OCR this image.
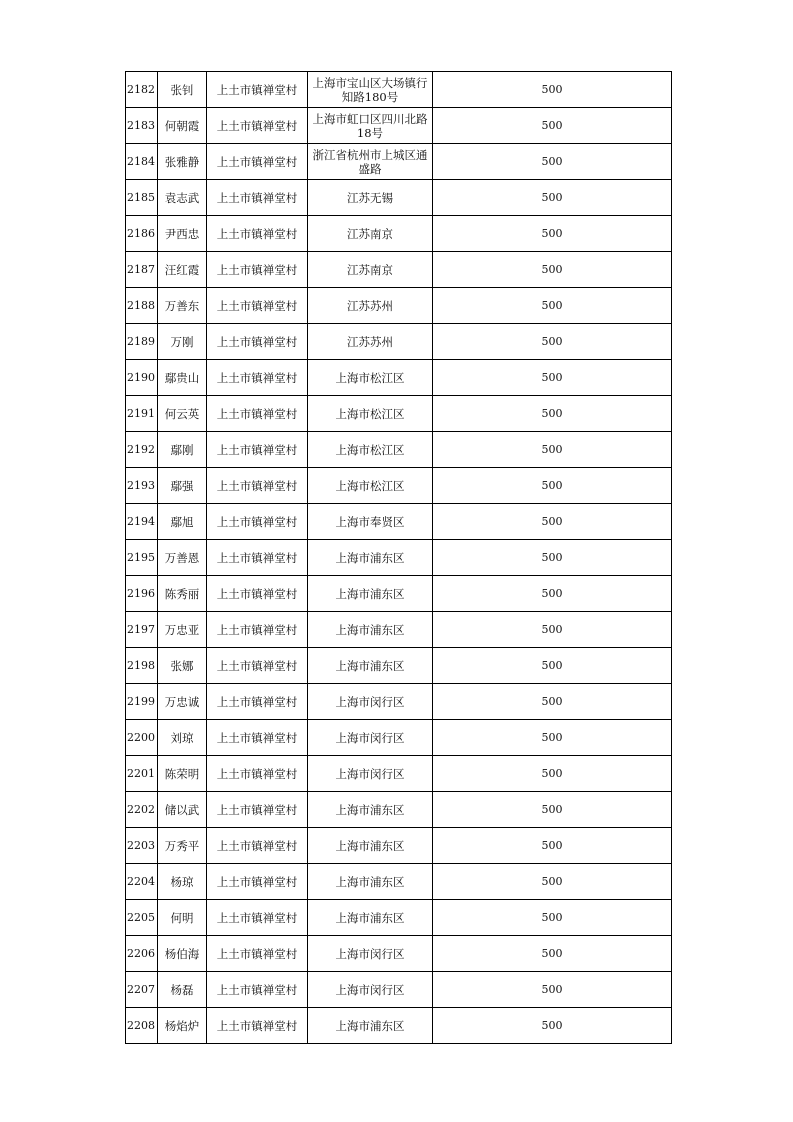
2182	张钊	上土市镇禅堂村	上海市宝山区大场镇行知路180号	500
2183	何朝霞	上土市镇禅堂村	上海市虹口区四川北路18号	500
2184	张雅静	上土市镇禅堂村	浙江省杭州市上城区通盛路	500
2185	袁志武	上土市镇禅堂村	江苏无锡	500
2186	尹西忠	上土市镇禅堂村	江苏南京	500
2187	汪红霞	上土市镇禅堂村	江苏南京	500
2188	万善东	上土市镇禅堂村	江苏苏州	500
2189	万刚	上土市镇禅堂村	江苏苏州	500
2190	鄢贵山	上土市镇禅堂村	上海市松江区	500
2191	何云英	上土市镇禅堂村	上海市松江区	500
2192	鄢刚	上土市镇禅堂村	上海市松江区	500
2193	鄢强	上土市镇禅堂村	上海市松江区	500
2194	鄢旭	上土市镇禅堂村	上海市奉贤区	500
2195	万善恩	上土市镇禅堂村	上海市浦东区	500
2196	陈秀丽	上土市镇禅堂村	上海市浦东区	500
2197	万忠亚	上土市镇禅堂村	上海市浦东区	500
2198	张娜	上土市镇禅堂村	上海市浦东区	500
2199	万忠诚	上土市镇禅堂村	上海市闵行区	500
2200	刘琼	上土市镇禅堂村	上海市闵行区	500
2201	陈荣明	上土市镇禅堂村	上海市闵行区	500
2202	储以武	上土市镇禅堂村	上海市浦东区	500
2203	万秀平	上土市镇禅堂村	上海市浦东区	500
2204	杨琼	上土市镇禅堂村	上海市浦东区	500
2205	何明	上土市镇禅堂村	上海市浦东区	500
2206	杨伯海	上土市镇禅堂村	上海市闵行区	500
2207	杨磊	上土市镇禅堂村	上海市闵行区	500
2208	杨焰炉	上土市镇禅堂村	上海市浦东区	500
